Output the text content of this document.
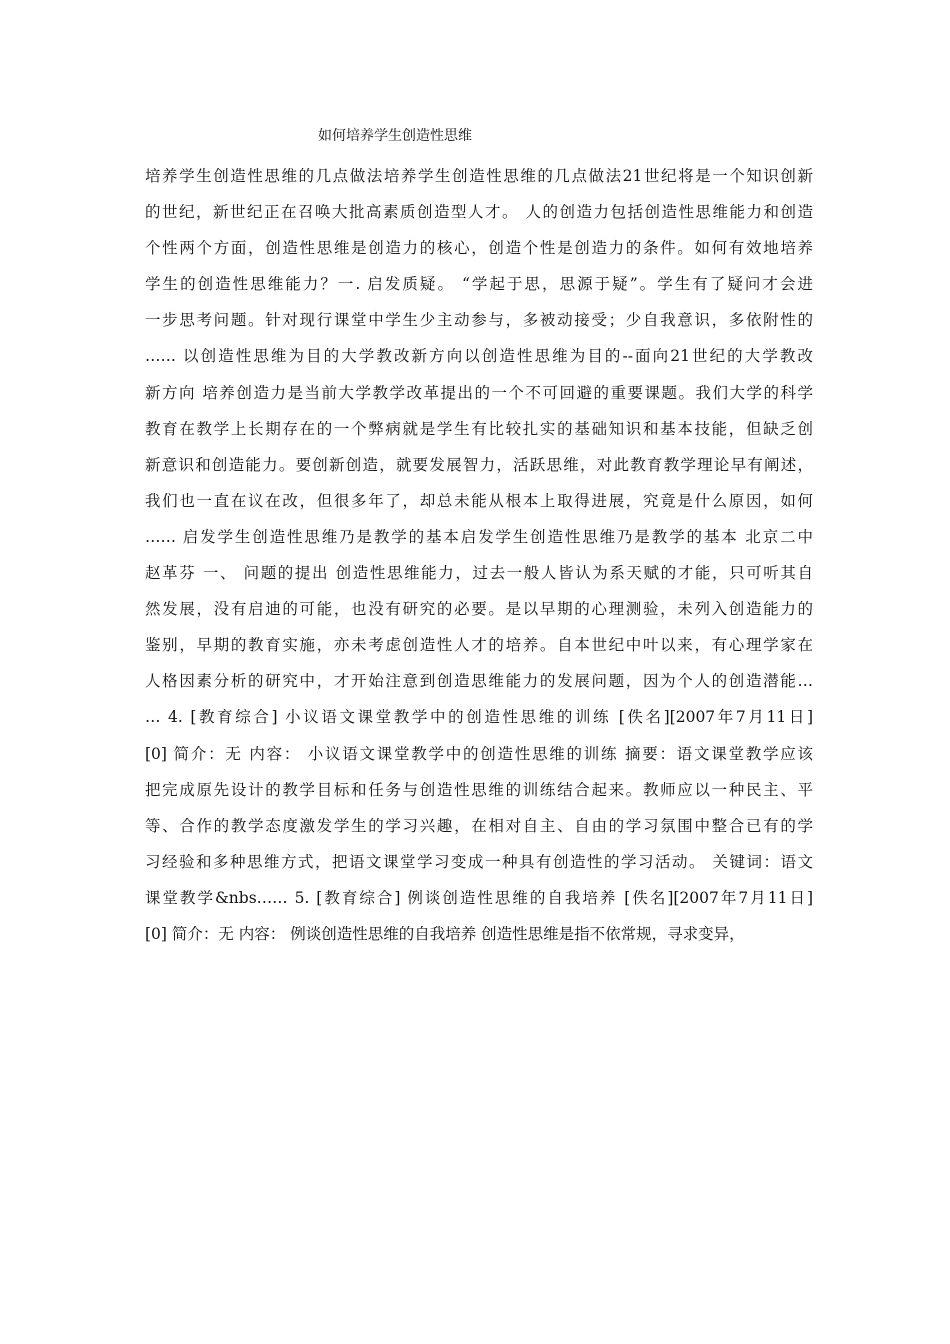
如何培养学生创造性思维
培养学生创造性思维的几点做法培养学生创造性思维的几点做法21世纪将是一个知识创新
的世纪，新世纪正在召唤大批高素质创造型人才。 人的创造力包括创造性思维能力和创造
个性两个方面，创造性思维是创造力的核心，创造个性是创造力的条件。如何有效地培养
学生的创造性思维能力？一. 启发质疑。 “学起于思，思源于疑”。学生有了疑问才会进
一步思考问题。针对现行课堂中学生少主动参与，多被动接受；少自我意识，多依附性的
…… 以创造性思维为目的大学教改新方向以创造性思维为目的--面向21世纪的大学教改
新方向 培养创造力是当前大学教学改革提出的一个不可回避的重要课题。我们大学的科学
教育在教学上长期存在的一个弊病就是学生有比较扎实的基础知识和基本技能，但缺乏创
新意识和创造能力。要创新创造，就要发展智力，活跃思维，对此教育教学理论早有阐述，
我们也一直在议在改，但很多年了，却总未能从根本上取得进展，究竟是什么原因，如何
…… 启发学生创造性思维乃是教学的基本启发学生创造性思维乃是教学的基本 北京二中
赵革芬 一、 问题的提出 创造性思维能力，过去一般人皆认为系天赋的才能，只可听其自
然发展，没有启迪的可能，也没有研究的必要。是以早期的心理测验，未列入创造能力的
鉴别，早期的教育实施，亦未考虑创造性人才的培养。自本世纪中叶以来，有心理学家在
人格因素分析的研究中，才开始注意到创造思维能力的发展问题，因为个人的创造潜能…
… 4. [教育综合] 小议语文课堂教学中的创造性思维的训练 [佚名][2007年7月11日]
[0] 简介：无 内容： 小议语文课堂教学中的创造性思维的训练 摘要：语文课堂教学应该
把完成原先设计的教学目标和任务与创造性思维的训练结合起来。教师应以一种民主、平
等、合作的教学态度激发学生的学习兴趣，在相对自主、自由的学习氛围中整合已有的学
习经验和多种思维方式，把语文课堂学习变成一种具有创造性的学习活动。 关键词：语文
课堂教学&nbs…… 5. [教育综合] 例谈创造性思维的自我培养 [佚名][2007年7月11日]
[0] 简介：无 内容： 例谈创造性思维的自我培养 创造性思维是指不依常规，寻求变异，
